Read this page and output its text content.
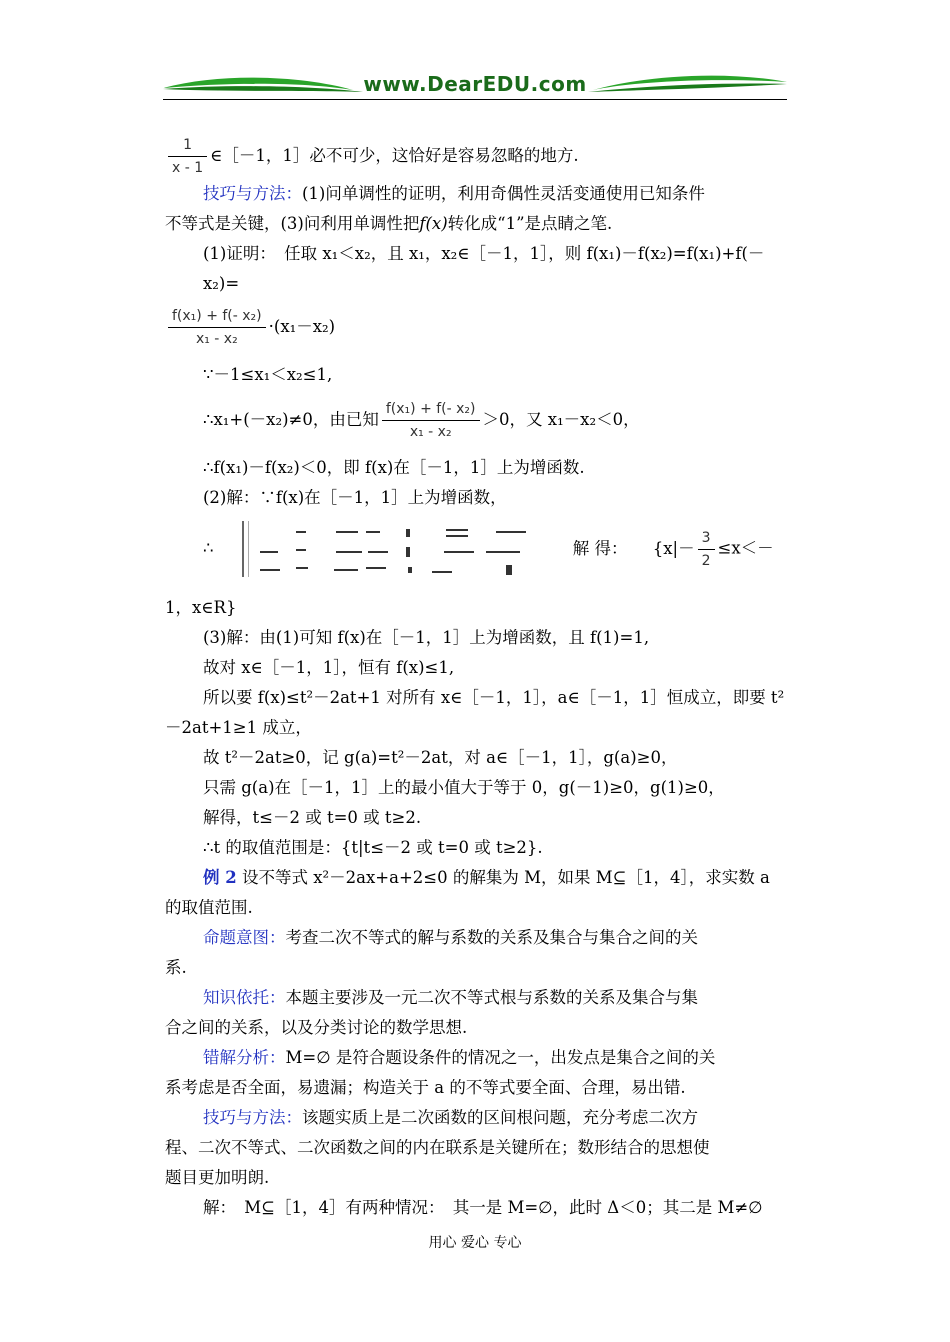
www.DearEDU.com

$\frac{1}{x - 1}$ ∈［－1，1］必不可少，这恰好是容易忽略的地方.

技巧与方法：(1)问单调性的证明，利用奇偶性灵活变通使用已知条件

不等式是关键，(3)问利用单调性把f(x)转化成“1”是点睛之笔.

(1)证明：　任取 x₁＜x₂，且 x₁，x₂∈［－1，1］，则 f(x₁)－f(x₂)=f(x₁)+f(－x₂)=

$\frac{\text{f(x₁) + f(- x₂)}}{\text{x₁ - x₂}} \cdot(x_1-x_2)$

∵－1≤x₁＜x₂≤1,

∴x₁+(－x₂)≠0，由已知 $\frac{\text{f(x₁) + f(- x₂)}}{\text{x₁ - x₂}} >0$，又 x₁－x₂＜0，

∴f(x₁)－f(x₂)＜0，即 f(x)在［－1，1］上为增函数.

(2)解：∵f(x)在［－1，1］上为增函数，

∴	解 得： {$x|- \frac{3}{2} \le x<-$

1，x∈R}

(3)解：由(1)可知 f(x)在［－1，1］上为增函数，且 f(1)=1,

故对 x∈［－1，1］，恒有 f(x)≤1,

所以要 f(x)≤t²－2at+1 对所有 x∈［－1，1］，a∈［－1，1］恒成立，即要 t²

－2at+1≥1 成立，

故 t²－2at≥0，记 g(a)=t²－2at，对 a∈［－1，1］，g(a)≥0，

只需 g(a)在［－1，1］上的最小值大于等于 0，g(－1)≥0，g(1)≥0，

解得，t≤－2 或 t=0 或 t≥2.

∴t 的取值范围是：{t|t≤－2 或 t=0 或 t≥2}.

例 2 设不等式 x²－2ax+a+2≤0 的解集为 M，如果 M⊆［1，4］，求实数 a

的取值范围.

命题意图：考查二次不等式的解与系数的关系及集合与集合之间的关

系.

知识依托：本题主要涉及一元二次不等式根与系数的关系及集合与集

合之间的关系，以及分类讨论的数学思想.

错解分析：M=∅ 是符合题设条件的情况之一，出发点是集合之间的关

系考虑是否全面，易遗漏；构造关于 a 的不等式要全面、合理，易出错.

技巧与方法：该题实质上是二次函数的区间根问题，充分考虑二次方

程、二次不等式、二次函数之间的内在联系是关键所在；数形结合的思想使

题目更加明朗.

解：　M⊆［1，4］有两种情况：　其一是 M=∅，此时 Δ＜0；其二是 M≠∅

用心 爱心 专心
